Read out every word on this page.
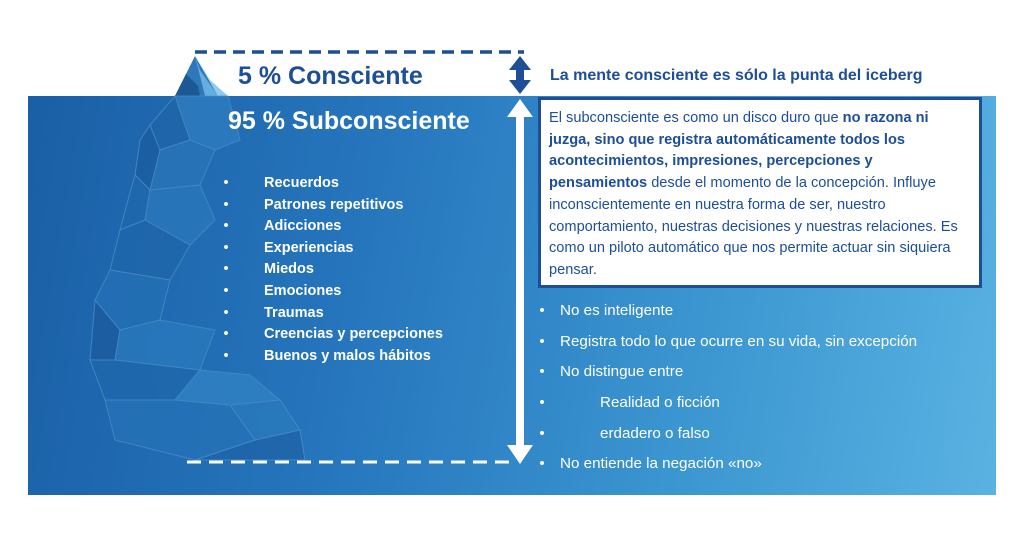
5 % Consciente	La mente consciente es sólo la punta del iceberg
95 % Subconsciente
•	Recuerdos
•	Patrones repetitivos
•	Adicciones
•	Experiencias
•	Miedos
•	Emociones
•	Traumas
•	Creencias y percepciones
•	Buenos y malos hábitos
El subconsciente es como un disco duro que no razona ni juzga, sino que registra automáticamente todos los acontecimientos, impresiones, percepciones y pensamientos desde el momento de la concepción. Influye inconscientemente en nuestra forma de ser, nuestro comportamiento, nuestras decisiones y nuestras relaciones. Es como un piloto automático que nos permite actuar sin siquiera pensar.
• No es inteligente
• Registra todo lo que ocurre en su vida, sin excepción
• No distingue entre
•	Realidad o ficción
•	erdadero o falso
• No entiende la negación «no»
